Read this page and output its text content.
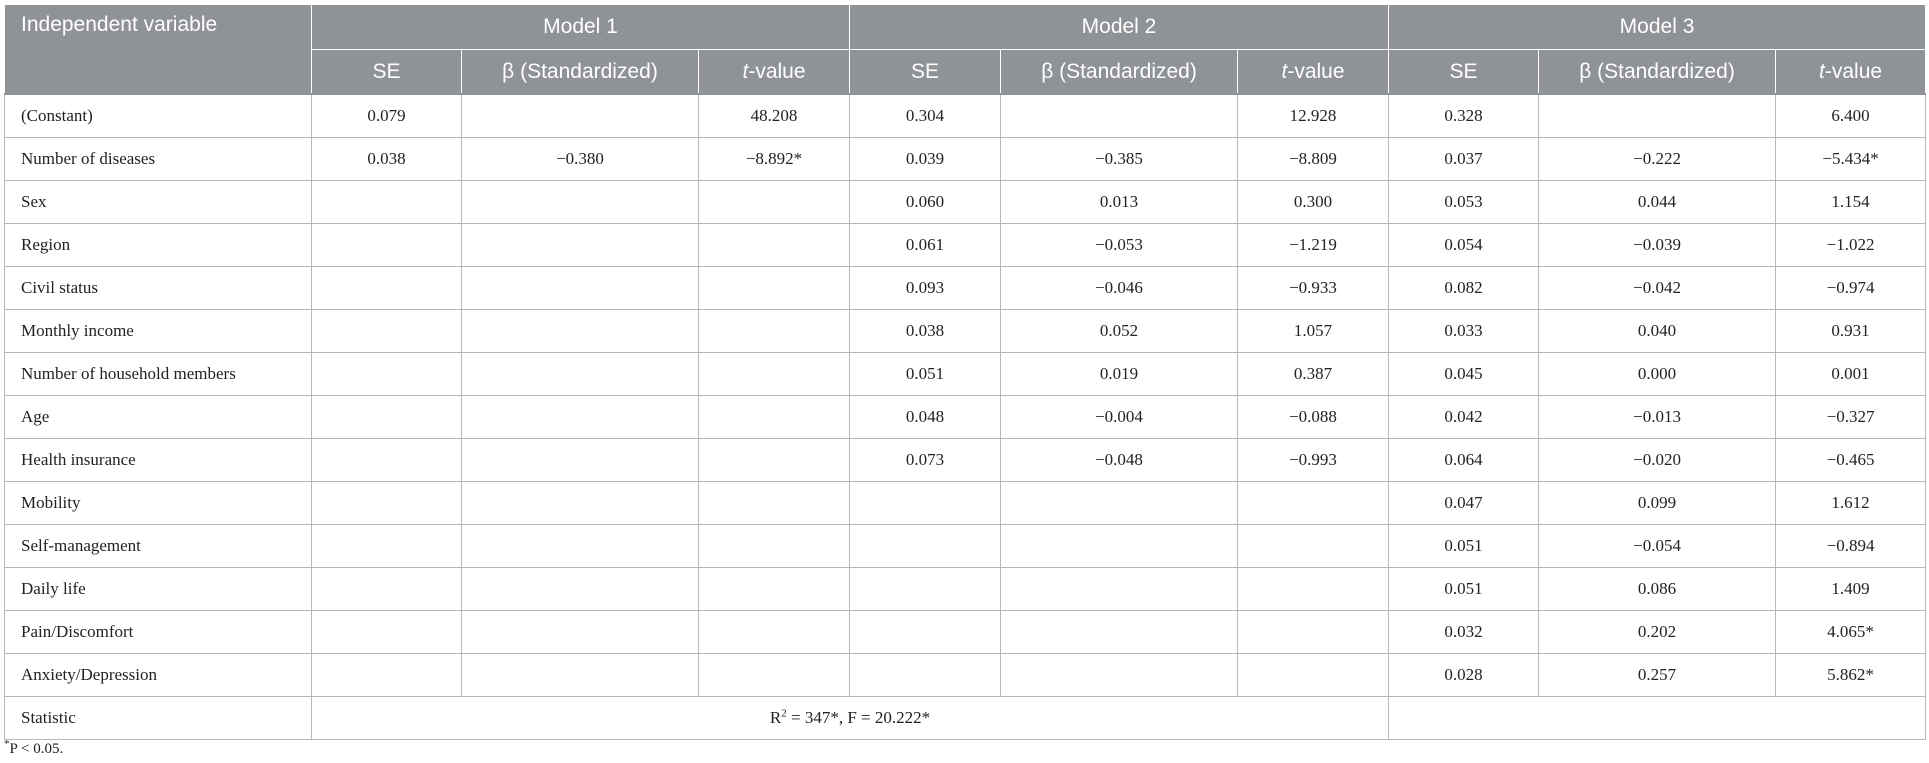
Independent variable	Model 1			Model 2			Model 3		
	SE	β (Standardized)	t-value	SE	β (Standardized)	t-value	SE	β (Standardized)	t-value
(Constant)	0.079		48.208	0.304		12.928	0.328		6.400
Number of diseases	0.038	−0.380	−8.892*	0.039	−0.385	−8.809	0.037	−0.222	−5.434*
Sex				0.060	0.013	0.300	0.053	0.044	1.154
Region				0.061	−0.053	−1.219	0.054	−0.039	−1.022
Civil status				0.093	−0.046	−0.933	0.082	−0.042	−0.974
Monthly income				0.038	0.052	1.057	0.033	0.040	0.931
Number of household members				0.051	0.019	0.387	0.045	0.000	0.001
Age				0.048	−0.004	−0.088	0.042	−0.013	−0.327
Health insurance				0.073	−0.048	−0.993	0.064	−0.020	−0.465
Mobility							0.047	0.099	1.612
Self-management							0.051	−0.054	−0.894
Daily life							0.051	0.086	1.409
Pain/Discomfort							0.032	0.202	4.065*
Anxiety/Depression							0.028	0.257	5.862*
Statistic	$R^2 = 347*$, F = 20.222*								
*P < 0.05.
